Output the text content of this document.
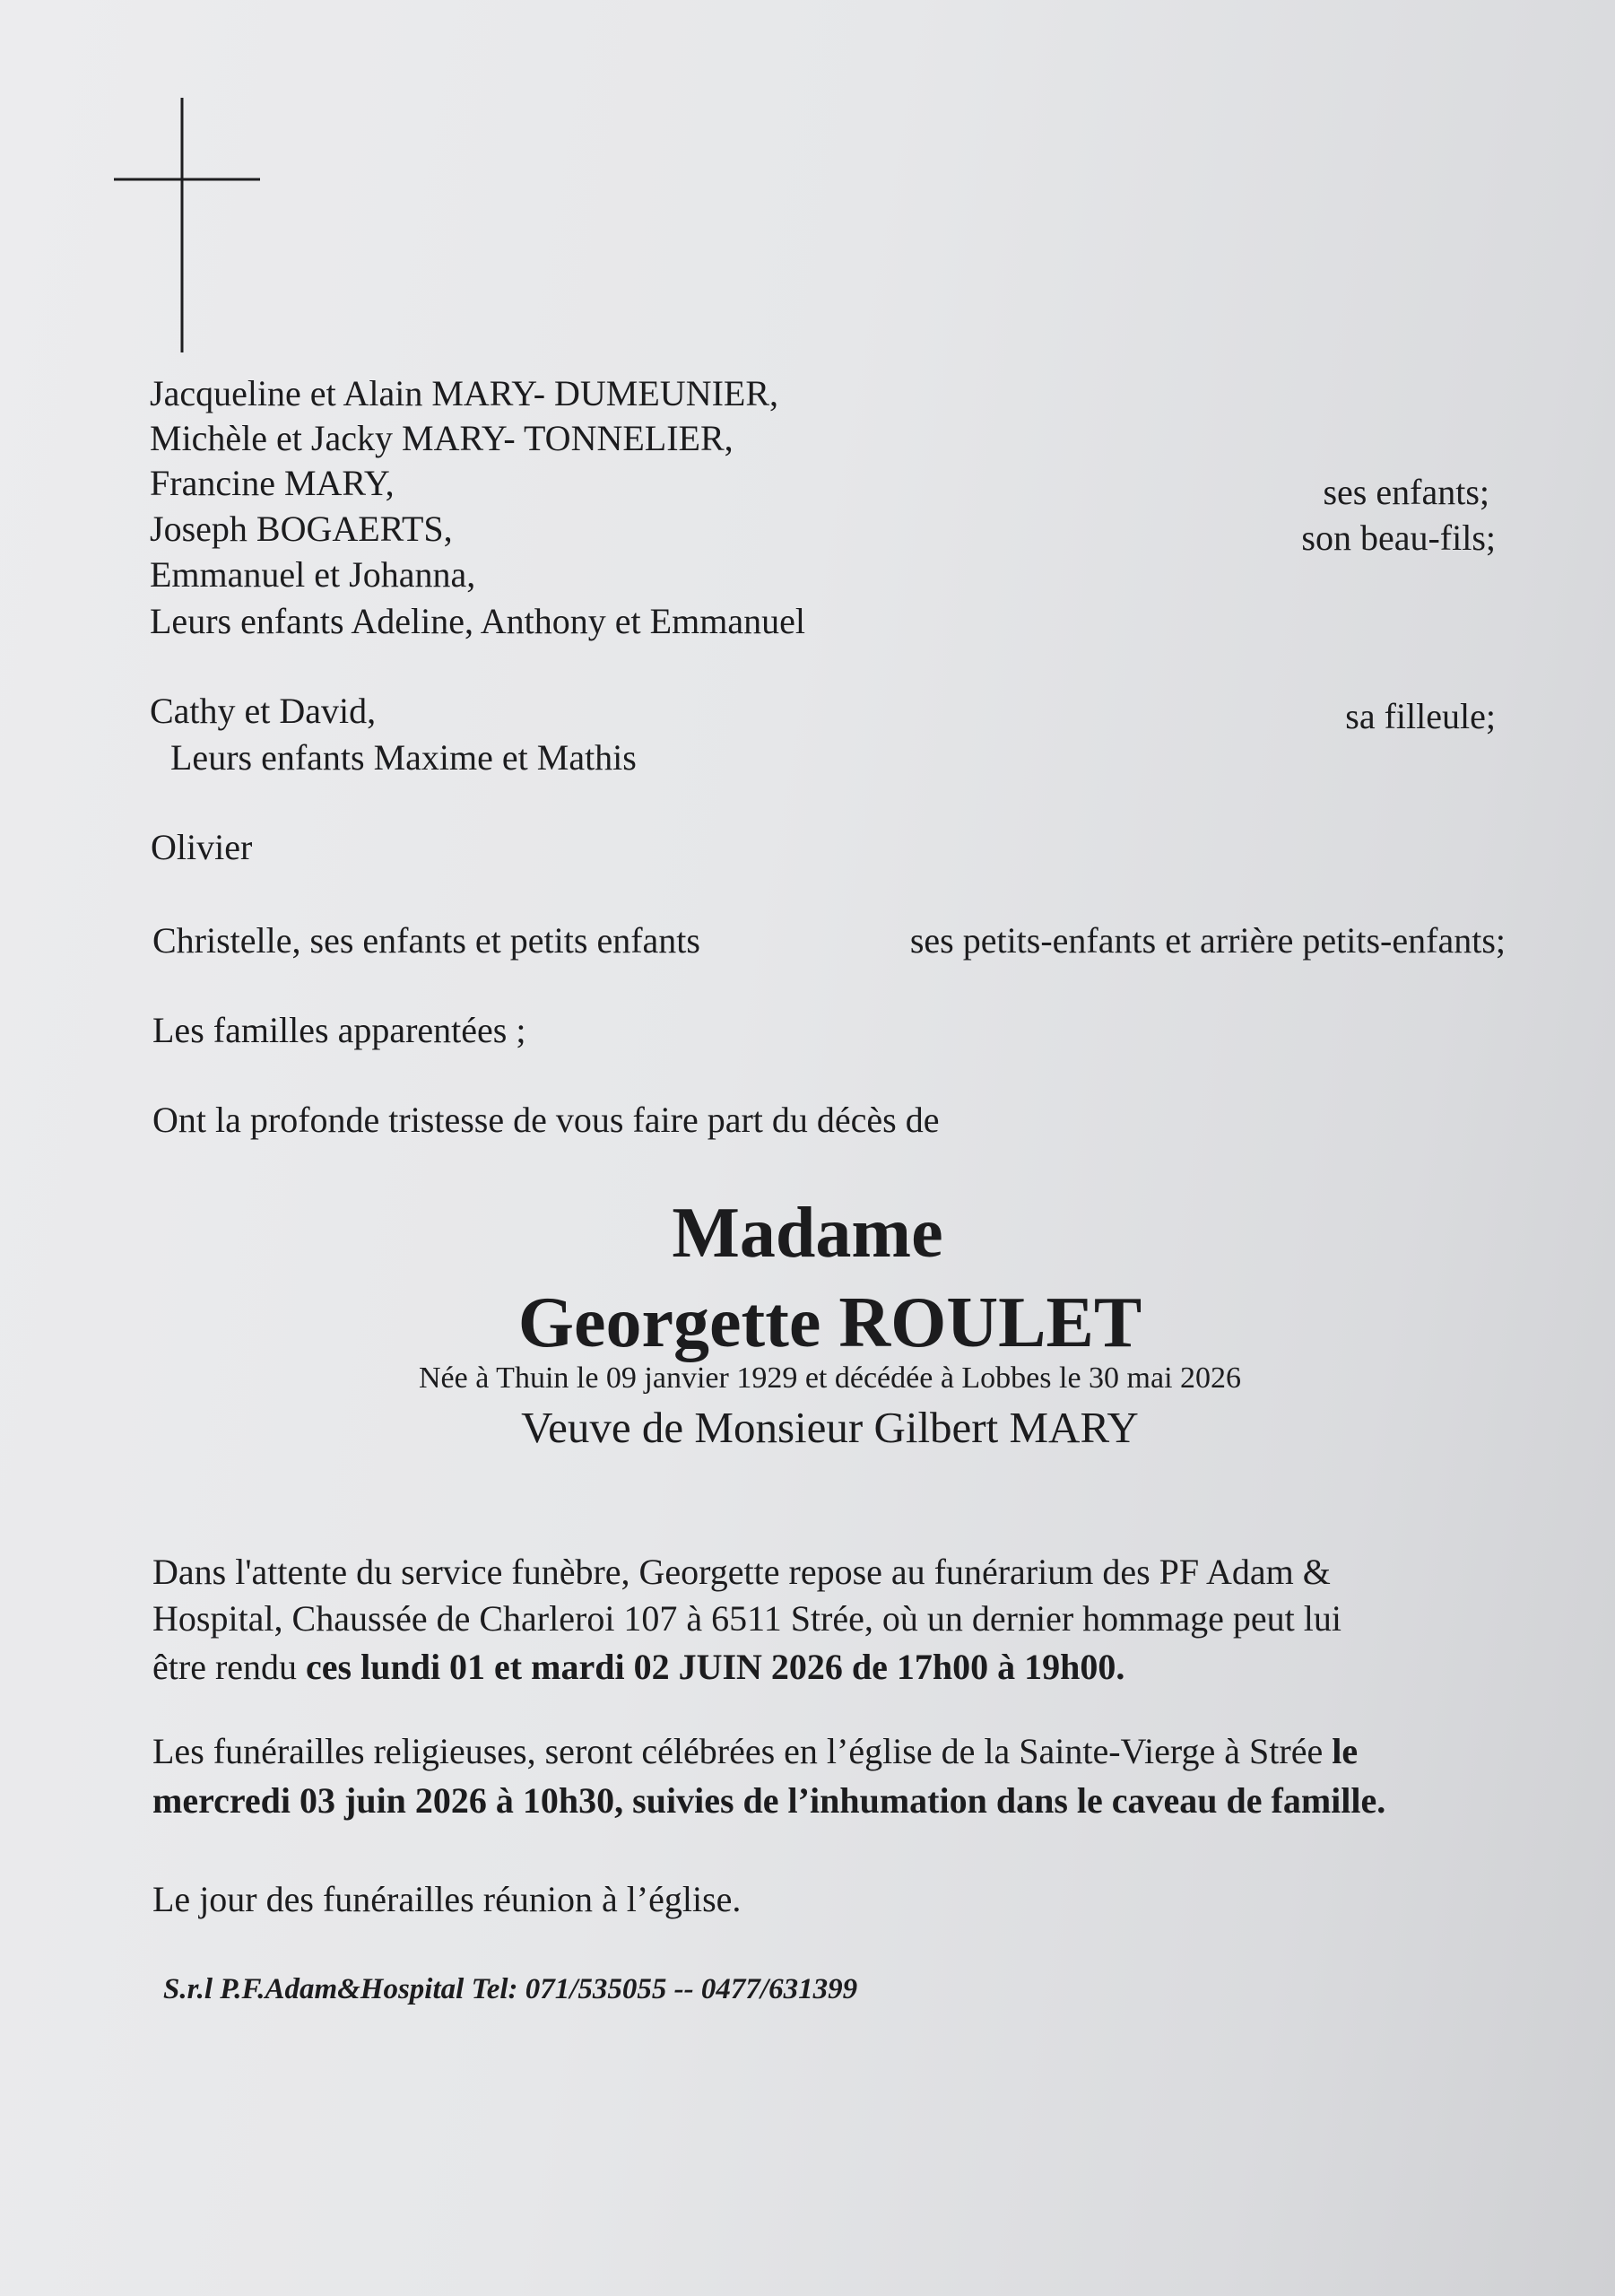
Jacqueline et Alain MARY- DUMEUNIER,
Michèle et Jacky MARY- TONNELIER,
Francine MARY,
Joseph BOGAERTS,
Emmanuel et Johanna,
Leurs enfants Adeline, Anthony et Emmanuel
ses enfants;
son beau-fils;
Cathy et David,
Leurs enfants Maxime et Mathis
sa filleule;
Olivier
Christelle, ses enfants et petits enfants	ses petits-enfants et arrière petits-enfants;
Les familles apparentées ;
Ont la profonde tristesse de vous faire part du décès de
Madame
Georgette ROULET
Née à Thuin le 09 janvier 1929 et décédée à Lobbes le 30 mai 2026
Veuve de Monsieur Gilbert MARY
Dans l'attente du service funèbre, Georgette repose au funérarium des PF Adam &
Hospital, Chaussée de Charleroi 107 à 6511 Strée, où un dernier hommage peut lui
être rendu ces lundi 01 et mardi 02 JUIN 2026 de 17h00 à 19h00.
Les funérailles religieuses, seront célébrées en l’église de la Sainte-Vierge à Strée le
mercredi 03 juin 2026 à 10h30, suivies de l’inhumation dans le caveau de famille.
Le jour des funérailles réunion à l’église.
S.r.l P.F.Adam&Hospital Tel: 071/535055 -- 0477/631399
